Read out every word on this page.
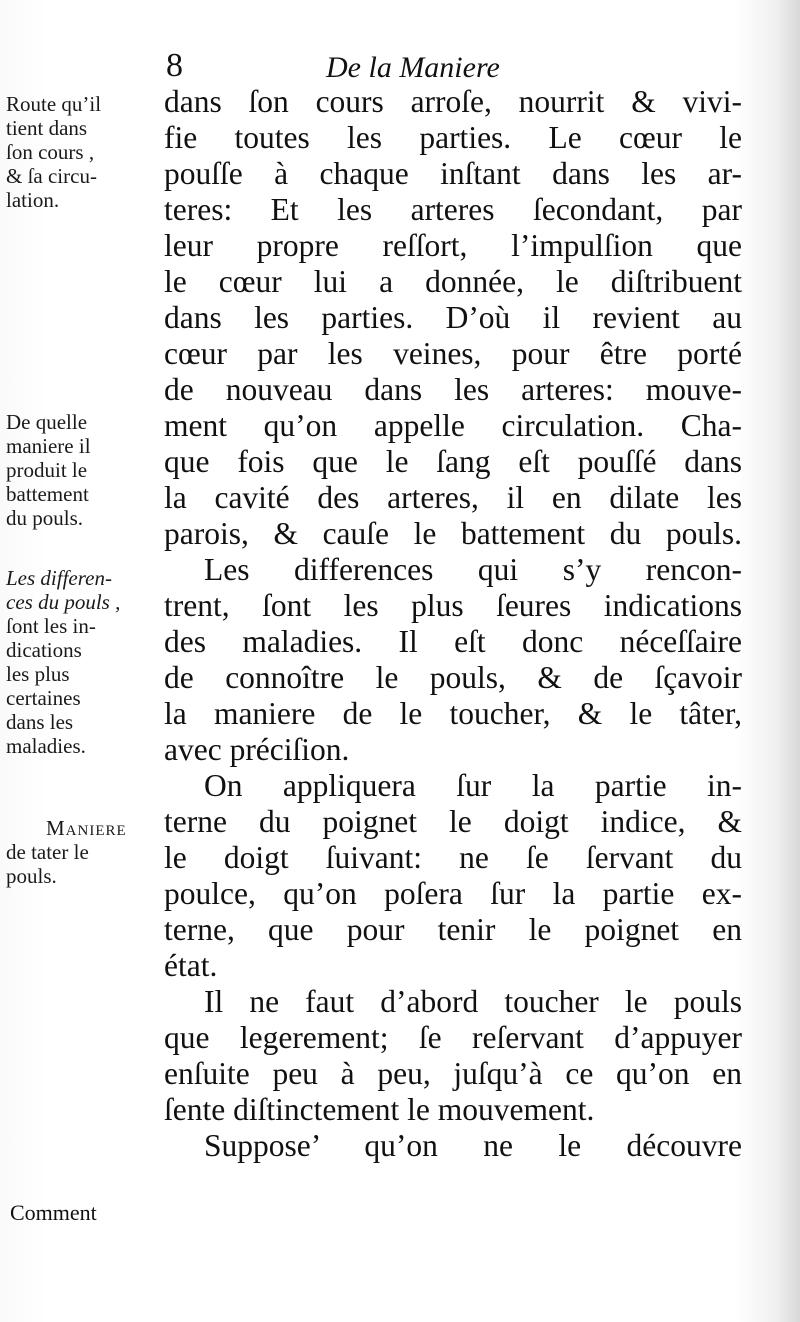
8	De la Maniere
Route qu’il
tient dans
ſon cours ,
& ſa circu-
lation.
De quelle
maniere il
produit le
battement
du pouls.
Les differen-
ces du pouls ,
ſont les in-
dications
les plus
certaines
dans les
maladies.
Maniere
de tater le
pouls.
Comment
dans ſon cours arroſe, nourrit & vivi-
fie toutes les parties. Le cœur le
pouſſe à chaque inſtant dans les ar-
teres: Et les arteres ſecondant, par
leur propre reſſort, l’impulſion que
le cœur lui a donnée, le diſtribuent
dans les parties. D’où il revient au
cœur par les veines, pour être porté
de nouveau dans les arteres: mouve-
ment qu’on appelle circulation. Cha-
que fois que le ſang eſt pouſſé dans
la cavité des arteres, il en dilate les
parois, & cauſe le battement du pouls.
Les differences qui s’y rencon-
trent, ſont les plus ſeures indications
des maladies. Il eſt donc néceſſaire
de connoître le pouls, & de ſçavoir
la maniere de le toucher, & le tâter,
avec préciſion.
On appliquera ſur la partie in-
terne du poignet le doigt indice, &
le doigt ſuivant: ne ſe ſervant du
poulce, qu’on poſera ſur la partie ex-
terne, que pour tenir le poignet en
état.
Il ne faut d’abord toucher le pouls
que legerement; ſe reſervant d’appuyer
enſuite peu à peu, juſqu’à ce qu’on en
ſente diſtinctement le mouvement.
Suppose’ qu’on ne le découvre
